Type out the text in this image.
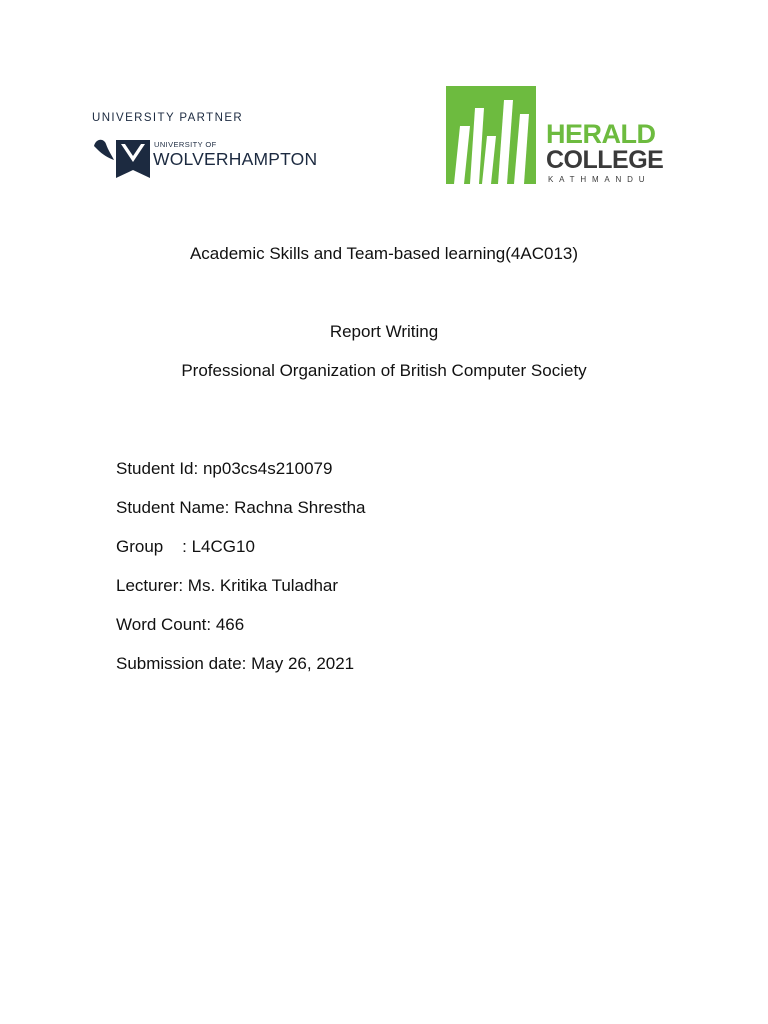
UNIVERSITY PARTNER
UNIVERSITY OF
WOLVERHAMPTON
HERALD
COLLEGE
KATHMANDU
Academic Skills and Team-based learning(4AC013)
Report Writing
Professional Organization of British Computer Society
Student Id: np03cs4s210079
Student Name: Rachna Shrestha
Group    : L4CG10
Lecturer: Ms. Kritika Tuladhar
Word Count: 466
Submission date: May 26, 2021
